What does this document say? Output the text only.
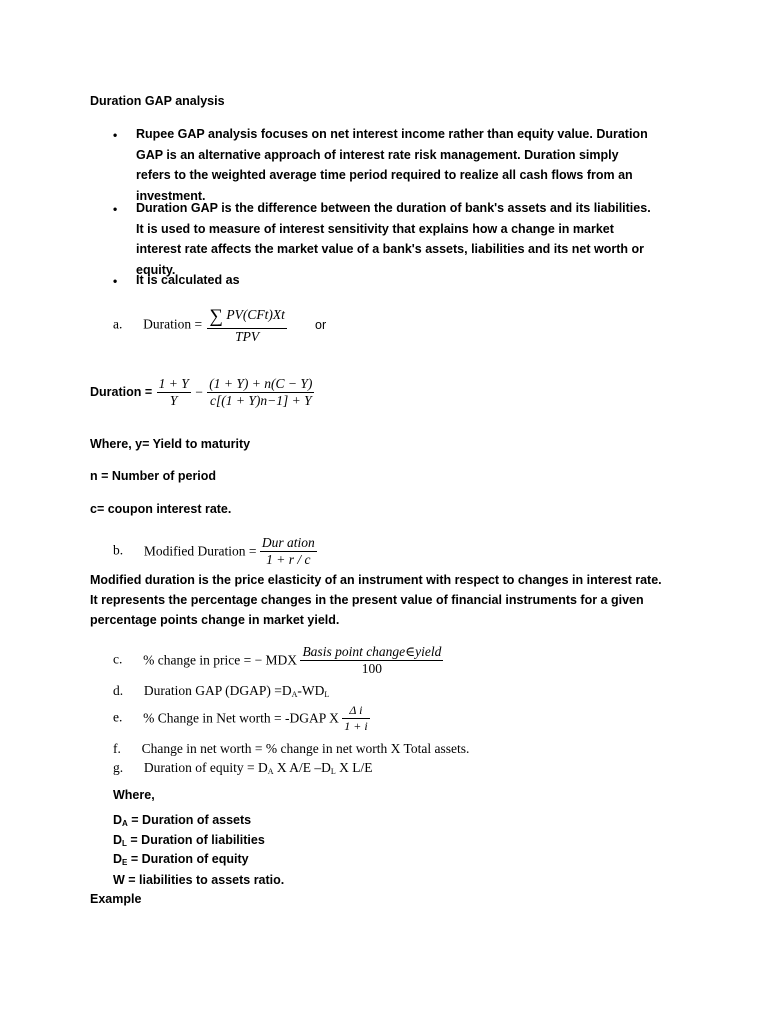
Duration GAP analysis
• Rupee GAP analysis focuses on net interest income rather than equity value. Duration GAP is an alternative approach of interest rate risk management. Duration simply refers to the weighted average time period required to realize all cash flows from an investment.
• Duration GAP is the difference between the duration of bank's assets and its liabilities. It is used to measure of interest sensitivity that explains how a change in market interest rate affects the market value of a bank's assets, liabilities and its net worth or equity.
• It is calculated as
a. Duration = $\frac{\text{∑ PV(CFt)Xt}}{\text{TPV}}$ or
Duration = $\frac{1 + Y}{Y} - \frac{(1 + Y) + n(C - Y)}{c[(1 + Y)n-1] + Y}$
Where, y= Yield to maturity
n = Number of period
c= coupon interest rate.
b. Modified Duration = $\frac{\text{Dur ation}}{1 + r / c}$
Modified duration is the price elasticity of an instrument with respect to changes in interest rate. It represents the percentage changes in the present value of financial instruments for a given percentage points change in market yield.
c. % change in price = − MDX $\frac{\text{Basis point change∈yield}}{100}$
d. Duration GAP (DGAP) $=D_A-WD_L$
e. % Change in Net worth = -DGAP X $\frac{\text{Δ i}}{1 + i}$
f. Change in net worth = % change in net worth X Total assets.
g. Duration of equity = $D_A$ X A/E $-D_L$ X L/E
Where,
$D_A$ = Duration of assets
$D_L$ = Duration of liabilities
$D_E$ = Duration of equity
W = liabilities to assets ratio.
Example
